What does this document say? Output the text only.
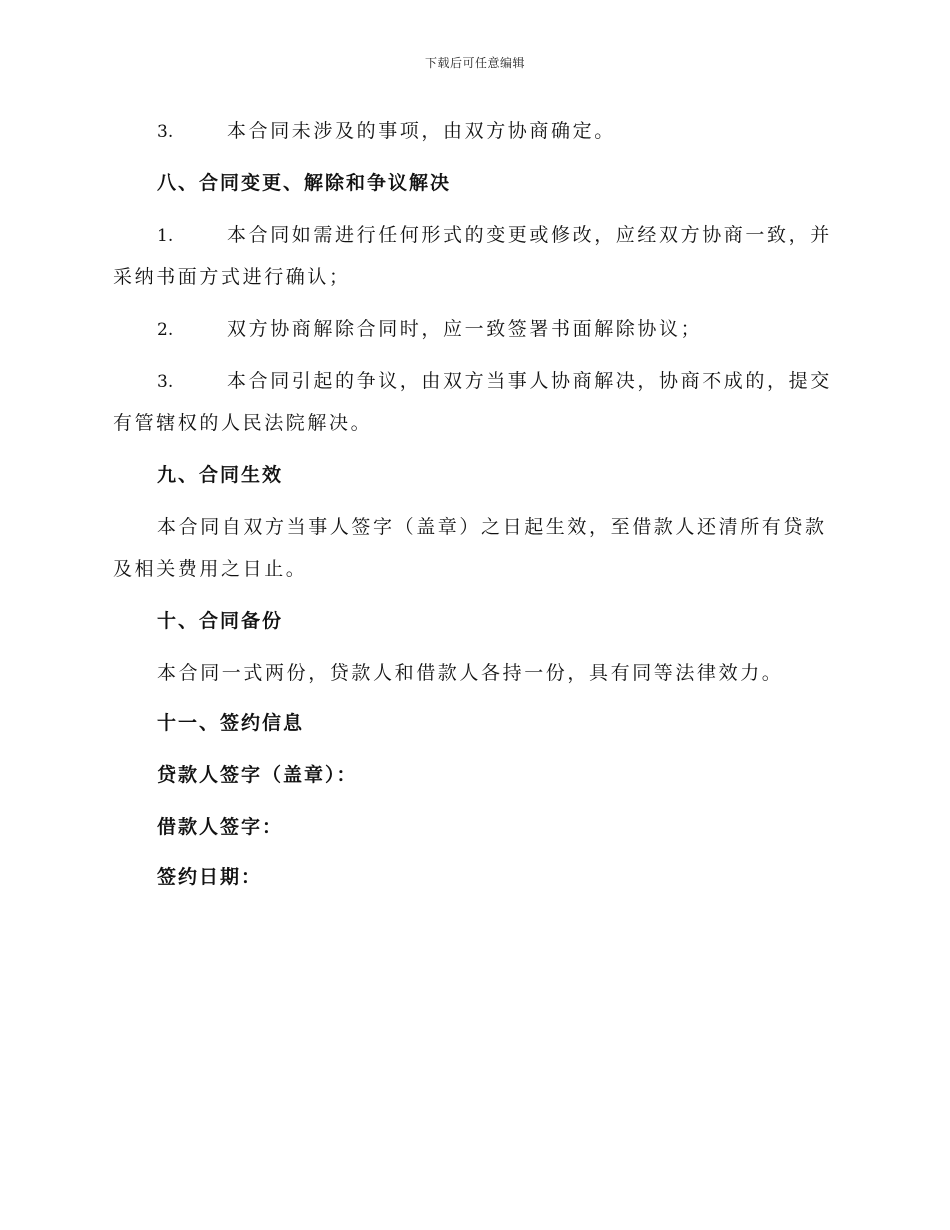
下载后可任意编辑
3.	本合同未涉及的事项，由双方协商确定。
八、合同变更、解除和争议解决
1.	本合同如需进行任何形式的变更或修改，应经双方协商一致，并
采纳书面方式进行确认；
2.	双方协商解除合同时，应一致签署书面解除协议；
3.	本合同引起的争议，由双方当事人协商解决，协商不成的，提交
有管辖权的人民法院解决。
九、合同生效
本合同自双方当事人签字（盖章）之日起生效，至借款人还清所有贷款
及相关费用之日止。
十、合同备份
本合同一式两份，贷款人和借款人各持一份，具有同等法律效力。
十一、签约信息
贷款人签字（盖章）：
借款人签字：
签约日期：
